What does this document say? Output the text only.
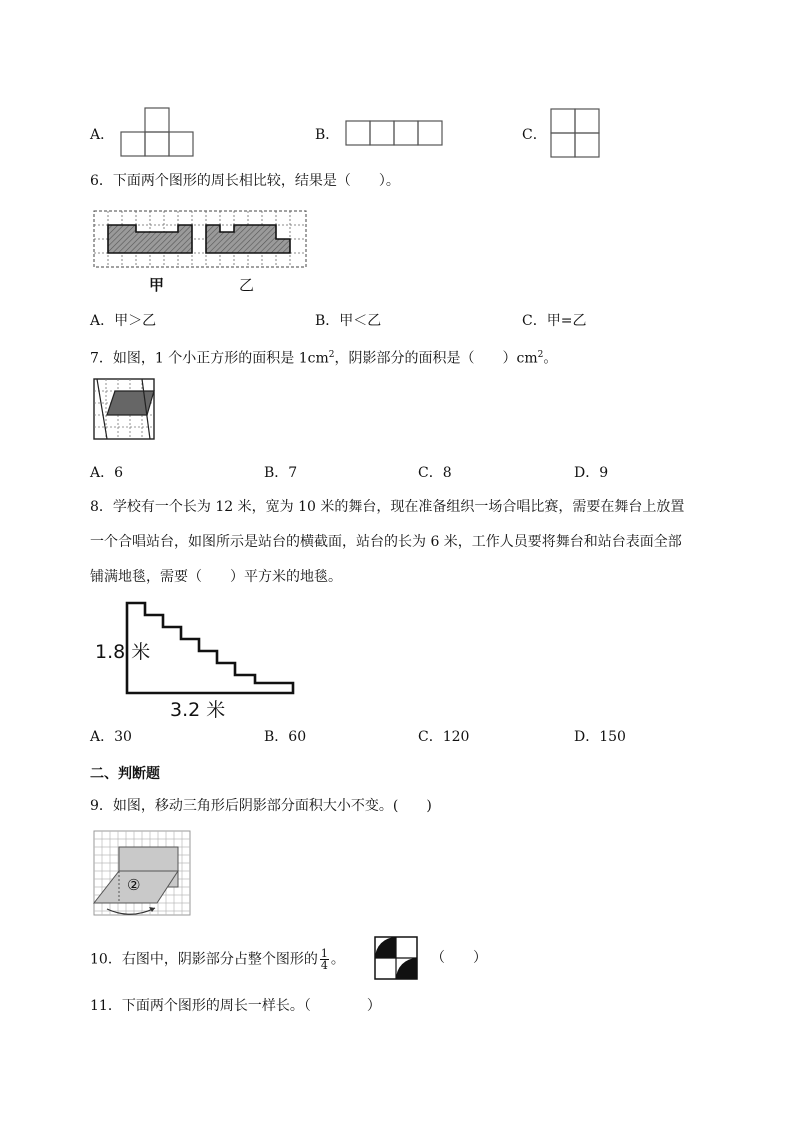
A．	B．	C．
6．下面两个图形的周长相比较，结果是（　　）。
甲	乙
A．甲＞乙	B．甲＜乙	C．甲=乙
7．如图，1 个小正方形的面积是 $1cm^2$，阴影部分的面积是（　　）$cm^2$。
A．6	B．7	C．8	D．9
8．学校有一个长为 12 米，宽为 10 米的舞台，现在准备组织一场合唱比赛，需要在舞台上放置
一个合唱站台，如图所示是站台的横截面，站台的长为 6 米，工作人员要将舞台和站台表面全部
铺满地毯，需要（　　）平方米的地毯。
1.8 米
3.2 米
A．30	B．60	C．120	D．150
二、判断题
9．如图，移动三角形后阴影部分面积大小不变。(　　)
②
10．右图中，阴影部分占整个图形的 $\frac{1}{4}$ 。	（　　）
11．下面两个图形的周长一样长。（　　　　）
